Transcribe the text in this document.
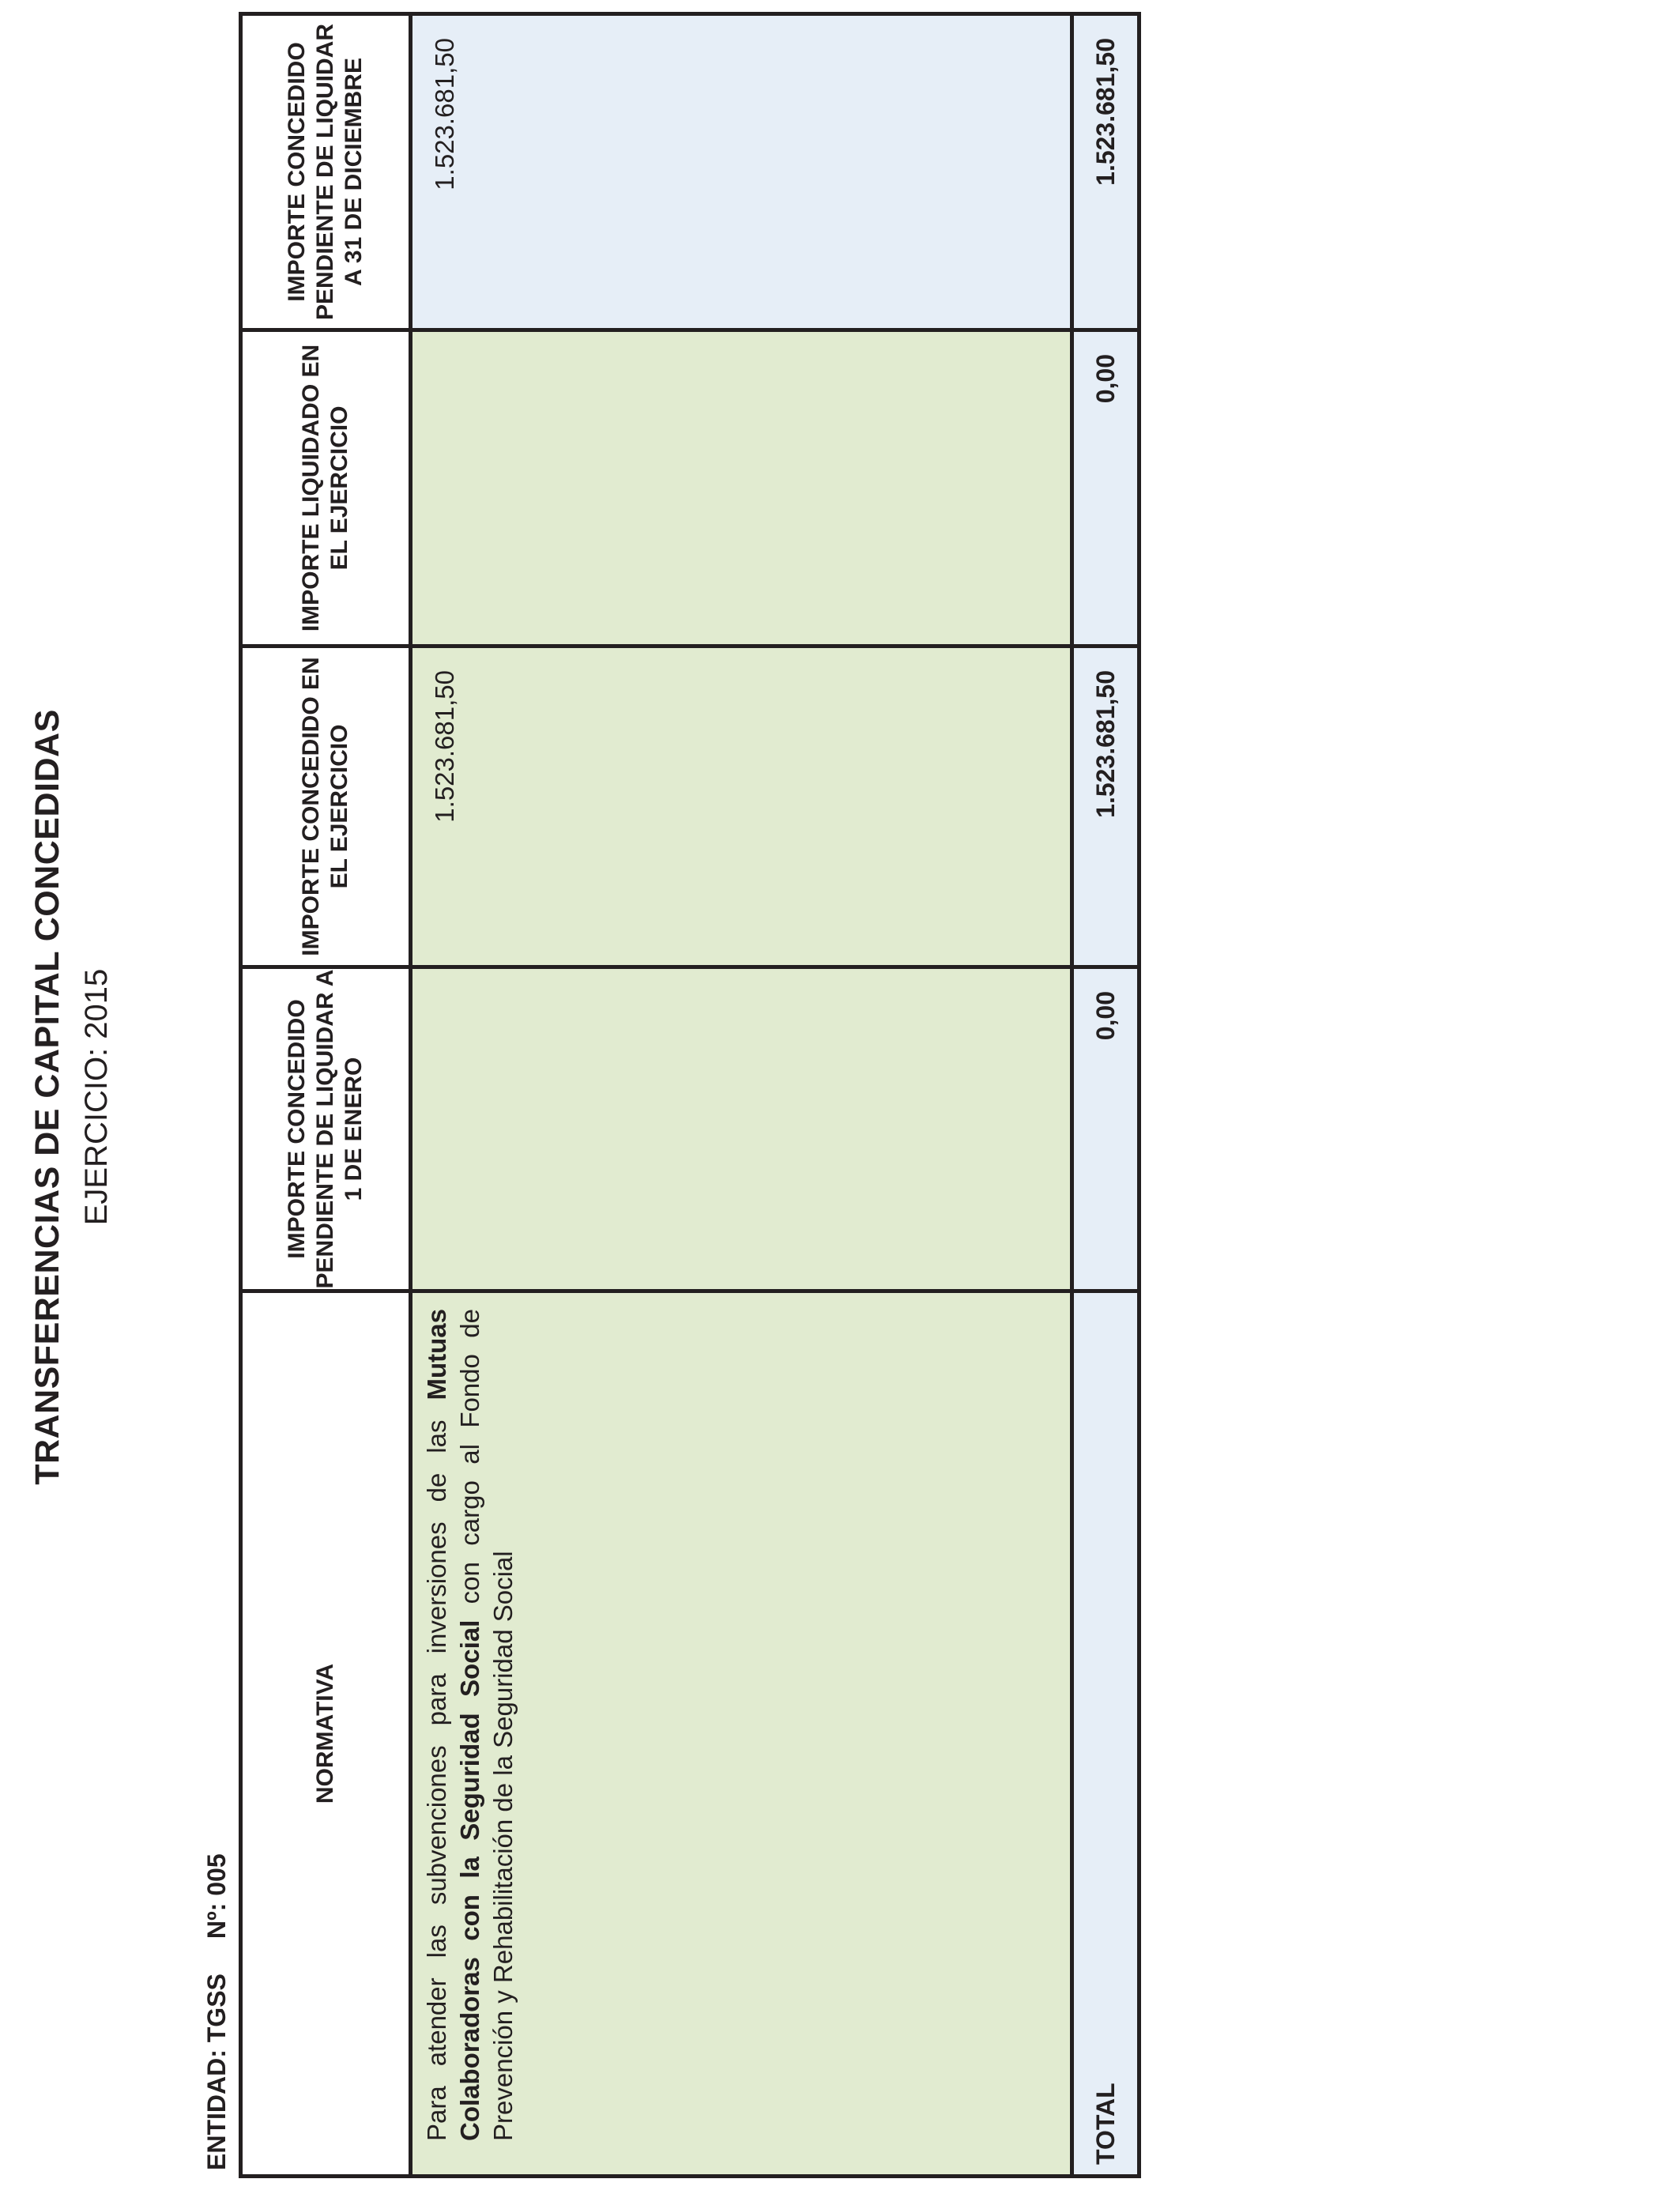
TRANSFERENCIAS DE CAPITAL CONCEDIDAS EJERCICIO: 2015
ENTIDAD: TGSSNº: 005
NORMATIVA	IMPORTE CONCEDIDO PENDIENTE DE LIQUIDAR A 1 DE ENERO	IMPORTE CONCEDIDO EN EL EJERCICIO	IMPORTE LIQUIDADO EN EL EJERCICIO	IMPORTE CONCEDIDO PENDIENTE DE LIQUIDAR A 31 DE DICIEMBRE
Para atender las subvenciones para inversiones de las Mutuas Colaboradoras con la Seguridad Social con cargo al Fondo de Prevención y Rehabilitación de la Seguridad Social		1.523.681,50		1.523.681,50
TOTAL	0,00	1.523.681,50	0,00	1.523.681,50
